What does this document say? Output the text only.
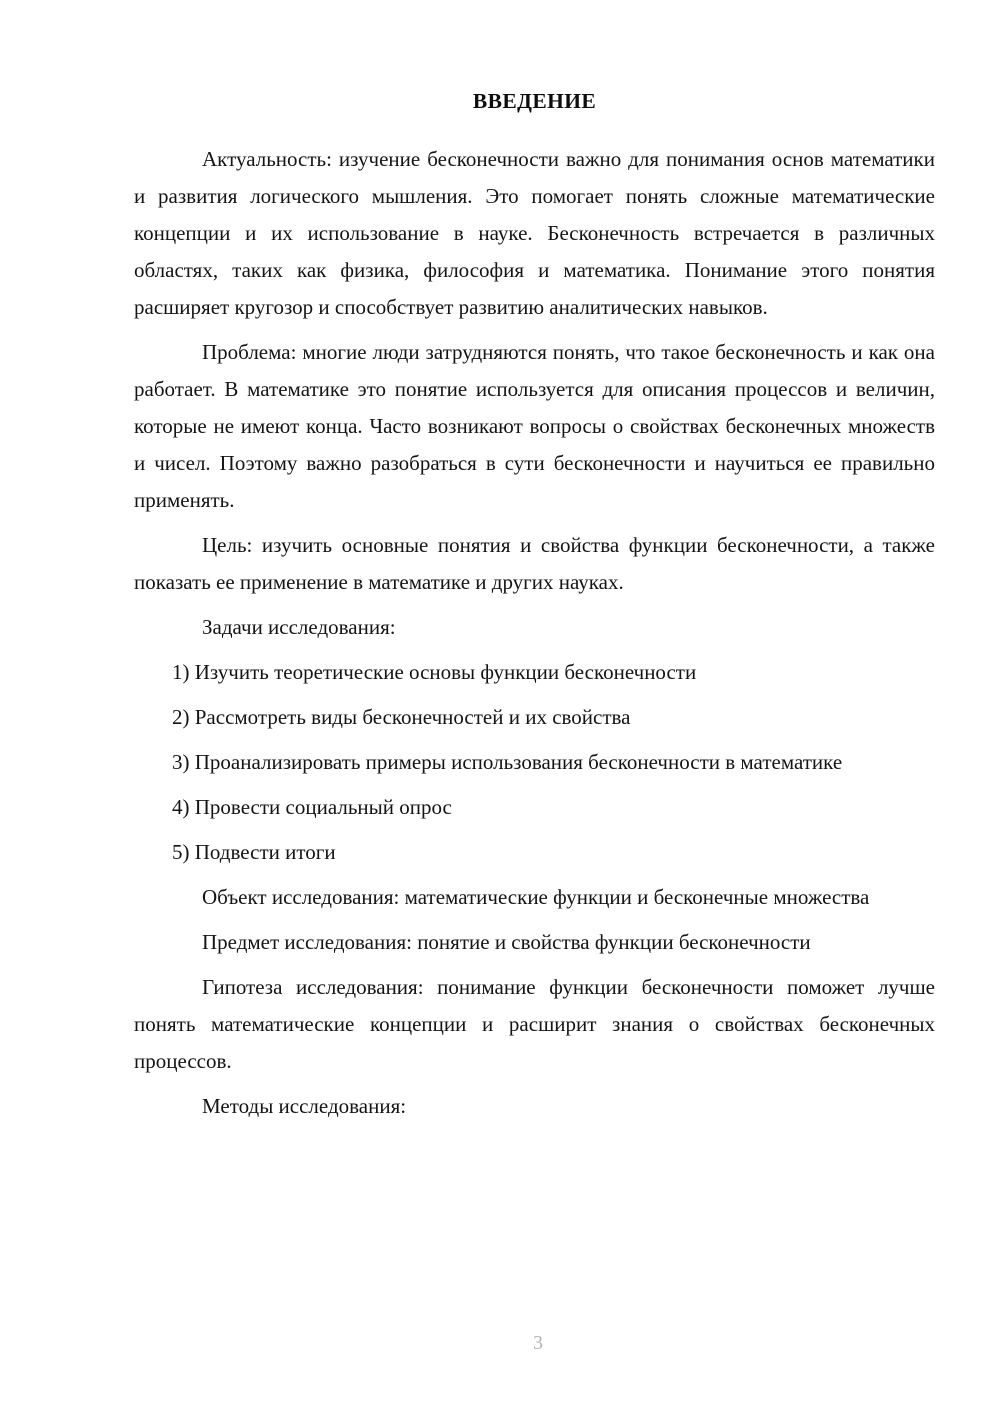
ВВЕДЕНИЕ

Актуальность: изучение бесконечности важно для понимания основ математики и развития логического мышления. Это помогает понять сложные математические концепции и их использование в науке. Бесконечность встречается в различных областях, таких как физика, философия и математика. Понимание этого понятия расширяет кругозор и способствует развитию аналитических навыков.

Проблема: многие люди затрудняются понять, что такое бесконечность и как она работает. В математике это понятие используется для описания процессов и величин, которые не имеют конца. Часто возникают вопросы о свойствах бесконечных множеств и чисел. Поэтому важно разобраться в сути бесконечности и научиться ее правильно применять.

Цель: изучить основные понятия и свойства функции бесконечности, а также показать ее применение в математике и других науках.

Задачи исследования:

1) Изучить теоретические основы функции бесконечности

2) Рассмотреть виды бесконечностей и их свойства

3) Проанализировать примеры использования бесконечности в математике

4) Провести социальный опрос

5) Подвести итоги

Объект исследования: математические функции и бесконечные множества

Предмет исследования: понятие и свойства функции бесконечности

Гипотеза исследования: понимание функции бесконечности поможет лучше понять математические концепции и расширит знания о свойствах бесконечных процессов.

Методы исследования:

3
